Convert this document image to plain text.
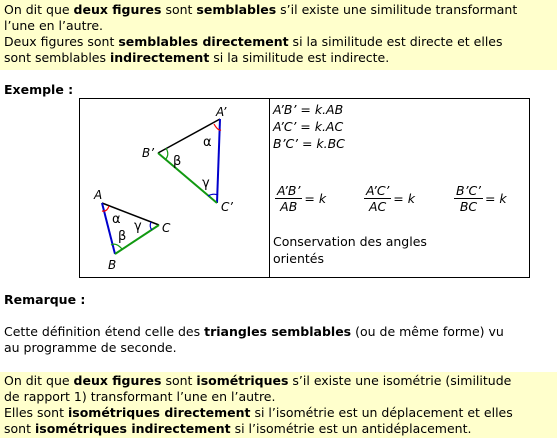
On dit que deux figures sont semblables s’il existe une similitude transformant
l’une en l’autre.
Deux figures sont semblables directement si la similitude est directe et elles
sont semblables indirectement si la similitude est indirecte.
Exemple :
A’
B’
C’
α
β
γ
A
B
C
α
β
γ

A’B’ = k.AB
A’C’ = k.AC
B’C’ = k.BC
$\frac{A’B’}{AB} = k$	$\frac{A’C’}{AC} = k$	$\frac{B’C’}{BC} = k$
Conservation des angles
orientés
Remarque :
Cette définition étend celle des triangles semblables (ou de même forme) vu
au programme de seconde.
On dit que deux figures sont isométriques s’il existe une isométrie (similitude
de rapport 1) transformant l’une en l’autre.
Elles sont isométriques directement si l’isométrie est un déplacement et elles
sont isométriques indirectement si l’isométrie est un antidéplacement.
